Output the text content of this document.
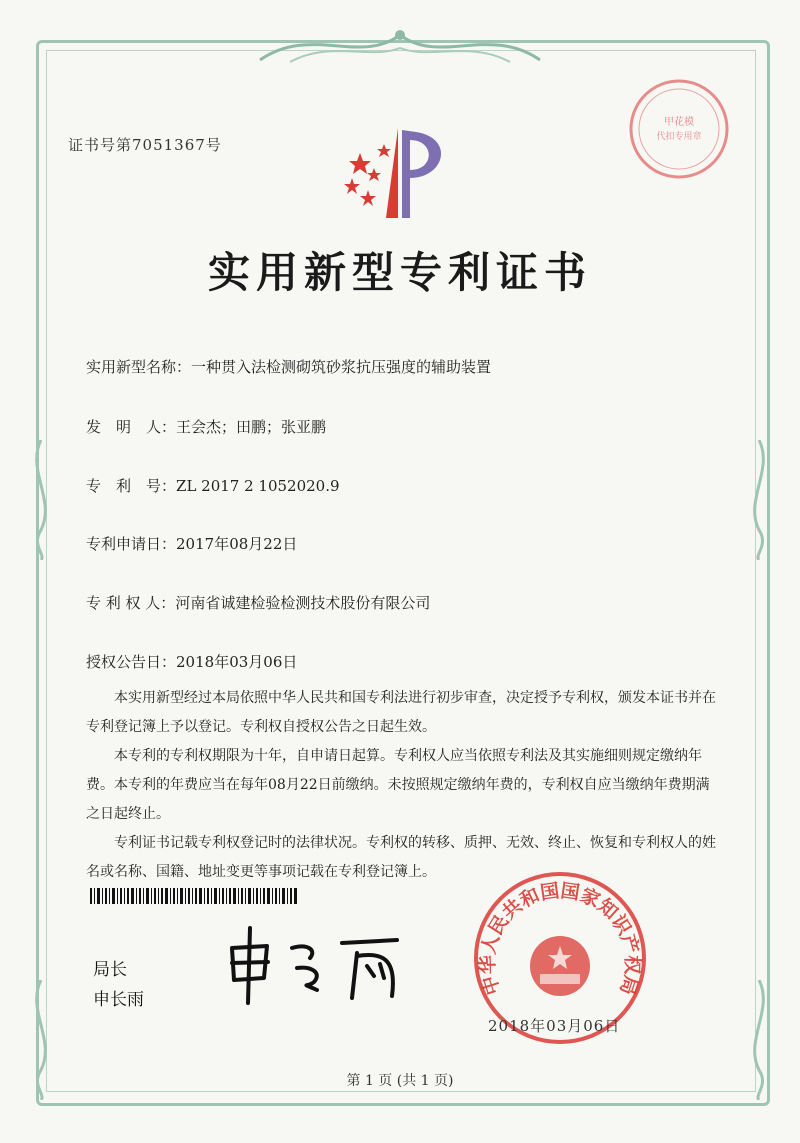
证书号第7051367号
甲花模
代扣专用章
实用新型专利证书
实用新型名称：一种贯入法检测砌筑砂浆抗压强度的辅助装置
发　明　人：王会杰；田鹏；张亚鹏
专　利　号：ZL 2017 2 1052020.9
专利申请日：2017年08月22日
专 利 权 人：河南省诚建检验检测技术股份有限公司
授权公告日：2018年03月06日

本实用新型经过本局依照中华人民共和国专利法进行初步审查，决定授予专利权，颁发本证书并在专利登记簿上予以登记。专利权自授权公告之日起生效。

本专利的专利权期限为十年，自申请日起算。专利权人应当依照专利法及其实施细则规定缴纳年费。本专利的年费应当在每年08月22日前缴纳。未按照规定缴纳年费的，专利权自应当缴纳年费期满之日起终止。

专利证书记载专利权登记时的法律状况。专利权的转移、质押、无效、终止、恢复和专利权人的姓名或名称、国籍、地址变更等事项记载在专利登记簿上。

局长
申长雨
中华人民共和国国家知识产权局
2018年03月06日
第 1 页 (共 1 页)
